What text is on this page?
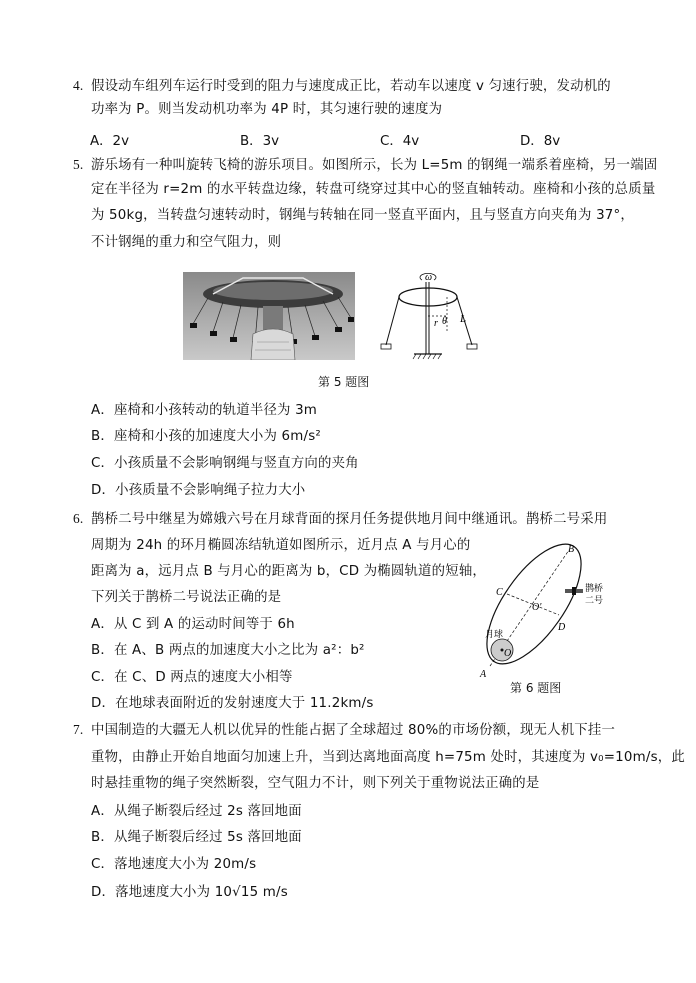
4. 假设动车组列车运行时受到的阻力与速度成正比，若动车以速度 v 匀速行驶，发动机的
功率为 P。则当发动机功率为 4P 时，其匀速行驶的速度为
A．2v	B．3v	C．4v	D．8v
5. 游乐场有一种叫旋转飞椅的游乐项目。如图所示，长为 L=5m 的钢绳一端系着座椅，另一端固
定在半径为 r=2m 的水平转盘边缘，转盘可绕穿过其中心的竖直轴转动。座椅和小孩的总质量
为 50kg，当转盘匀速转动时，钢绳与转轴在同一竖直平面内，且与竖直方向夹角为 37°，
不计钢绳的重力和空气阻力，则
ω
r θ L
第 5 题图
A．座椅和小孩转动的轨道半径为 3m
B．座椅和小孩的加速度大小为 6m/s²
C．小孩质量不会影响钢绳与竖直方向的夹角
D．小孩质量不会影响绳子拉力大小
6. 鹊桥二号中继星为嫦娥六号在月球背面的探月任务提供地月间中继通讯。鹊桥二号采用
周期为 24h 的环月椭圆冻结轨道如图所示，近月点 A 与月心的
距离为 a，远月点 B 与月心的距离为 b，CD 为椭圆轨道的短轴，
下列关于鹊桥二号说法正确的是
A．从 C 到 A 的运动时间等于 6h
B．在 A、B 两点的加速度大小之比为 a²：b²
C．在 C、D 两点的速度大小相等
D．在地球表面附近的发射速度大于 11.2km/s
O
月球
A
B
C
D
O'
鹊桥
二号
第 6 题图
7. 中国制造的大疆无人机以优异的性能占据了全球超过 80%的市场份额，现无人机下挂一
重物，由静止开始自地面匀加速上升，当到达离地面高度 h=75m 处时，其速度为 v₀=10m/s，此
时悬挂重物的绳子突然断裂，空气阻力不计，则下列关于重物说法正确的是
A．从绳子断裂后经过 2s 落回地面
B．从绳子断裂后经过 5s 落回地面
C．落地速度大小为 20m/s
D．落地速度大小为 10√15 m/s
